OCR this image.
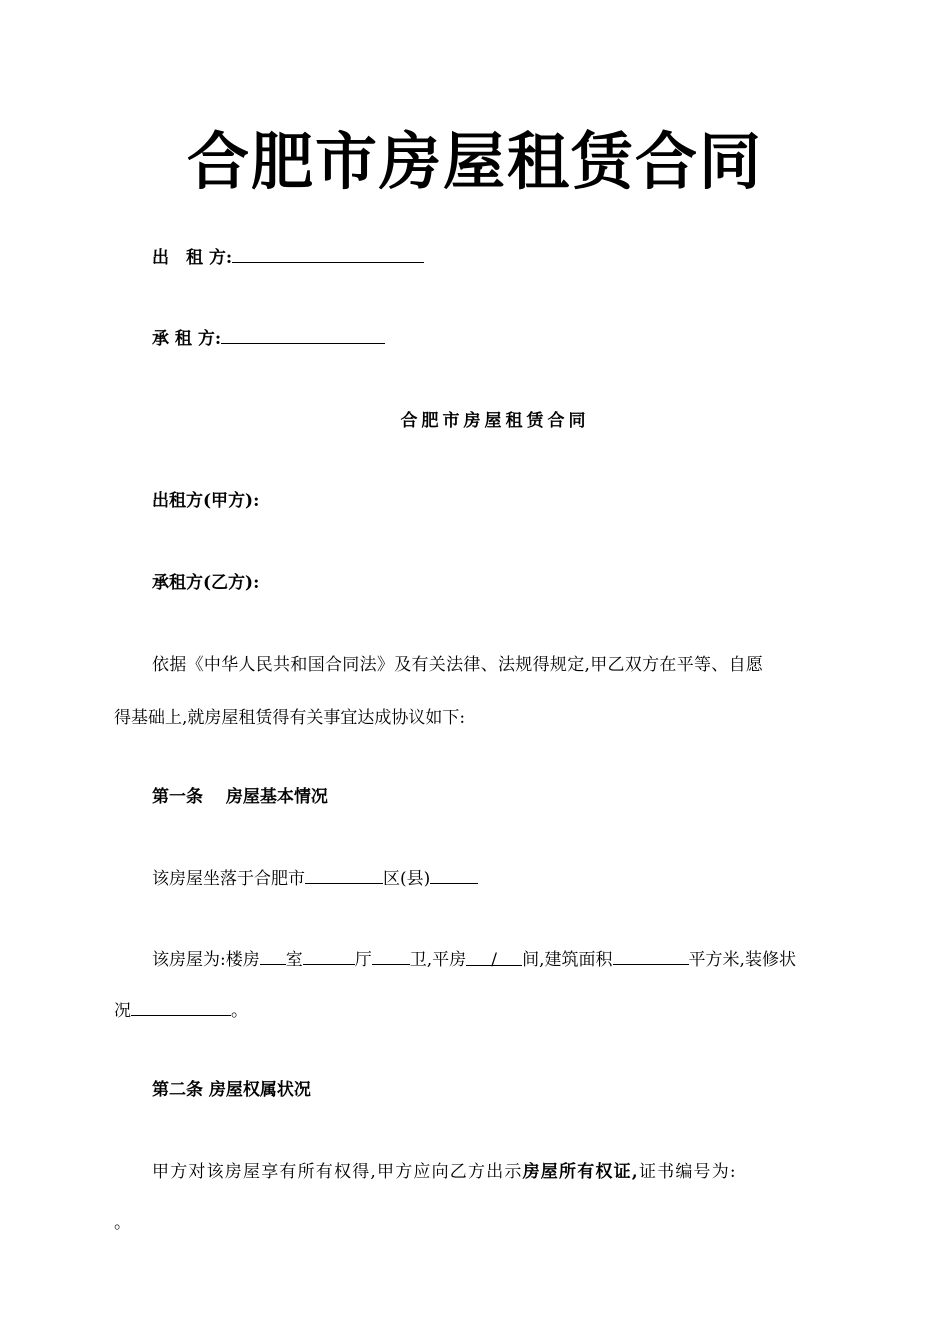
合肥市房屋租赁合同
出　租 方:
承 租 方:
合肥市房屋租赁合同
出租方(甲方):
承租方(乙方):
依据《中华人民共和国合同法》及有关法律、法规得规定,甲乙双方在平等、自愿
得基础上,就房屋租赁得有关事宜达成协议如下:
第一条　 房屋基本情况
该房屋坐落于合肥市	区(县)
该房屋为:楼房 室	厅 卫,平房 / 间,建筑面积	平方米,装修状
况	。
第二条 房屋权属状况
甲方对该房屋享有所有权得,甲方应向乙方出示房屋所有权证,证书编号为:
。
